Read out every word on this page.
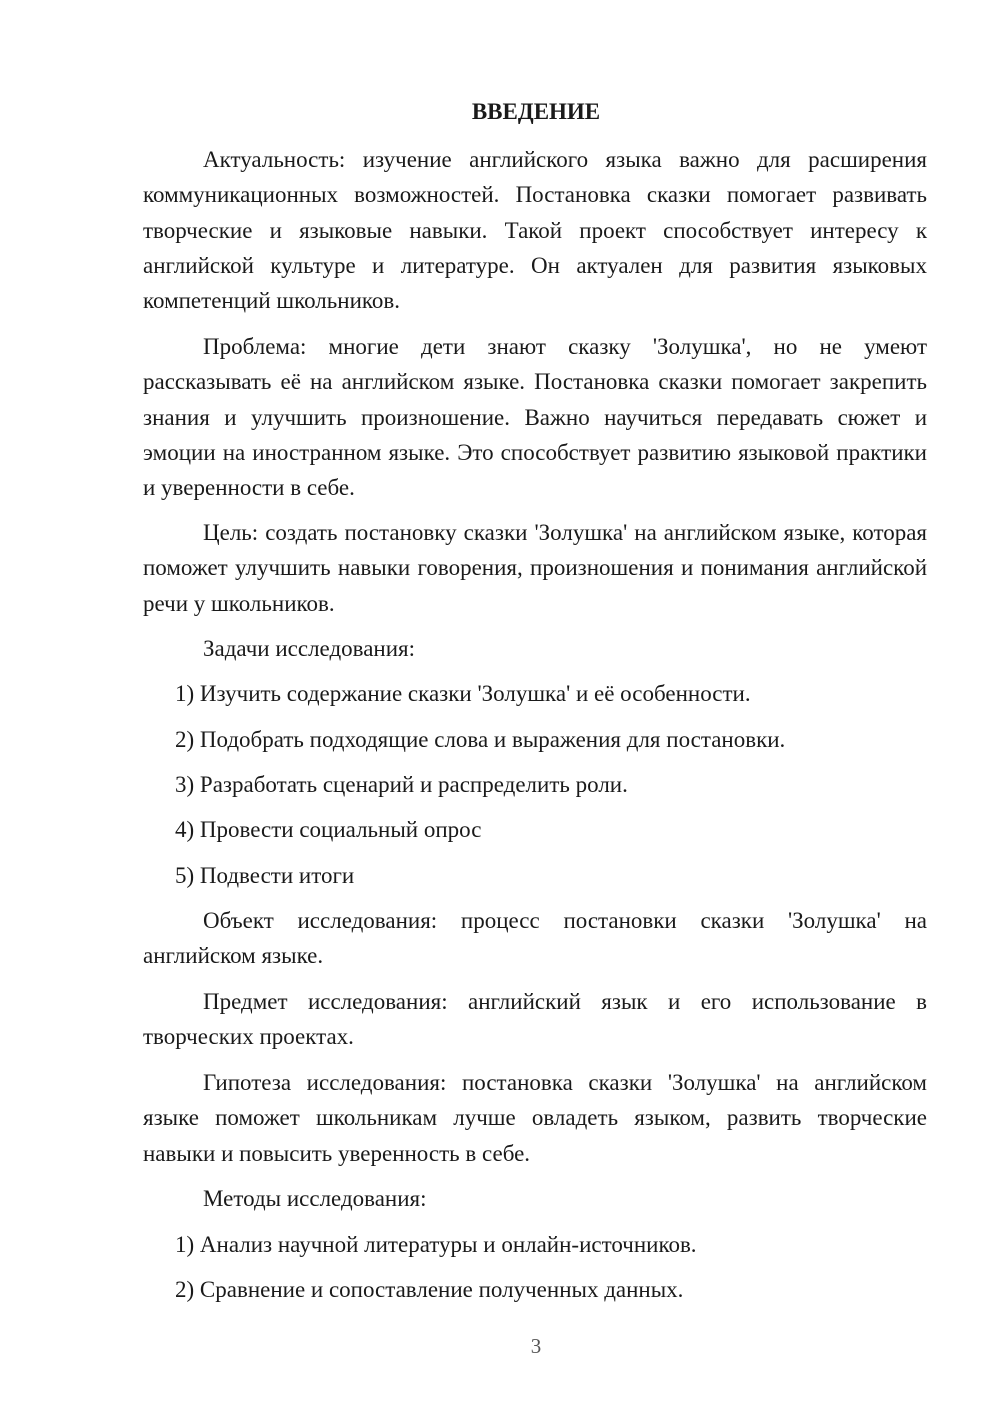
ВВЕДЕНИЕ

Актуальность: изучение английского языка важно для расширения коммуникационных возможностей. Постановка сказки помогает развивать творческие и языковые навыки. Такой проект способствует интересу к английской культуре и литературе. Он актуален для развития языковых компетенций школьников.

Проблема: многие дети знают сказку 'Золушка', но не умеют рассказывать её на английском языке. Постановка сказки помогает закрепить знания и улучшить произношение. Важно научиться передавать сюжет и эмоции на иностранном языке. Это способствует развитию языковой практики и уверенности в себе.

Цель: создать постановку сказки 'Золушка' на английском языке, которая поможет улучшить навыки говорения, произношения и понимания английской речи у школьников.

Задачи исследования:

1) Изучить содержание сказки 'Золушка' и её особенности.

2) Подобрать подходящие слова и выражения для постановки.

3) Разработать сценарий и распределить роли.

4) Провести социальный опрос

5) Подвести итоги

Объект исследования: процесс постановки сказки 'Золушка' на английском языке.

Предмет исследования: английский язык и его использование в творческих проектах.

Гипотеза исследования: постановка сказки 'Золушка' на английском языке поможет школьникам лучше овладеть языком, развить творческие навыки и повысить уверенность в себе.

Методы исследования:

1) Анализ научной литературы и онлайн-источников.

2) Сравнение и сопоставление полученных данных.

3
